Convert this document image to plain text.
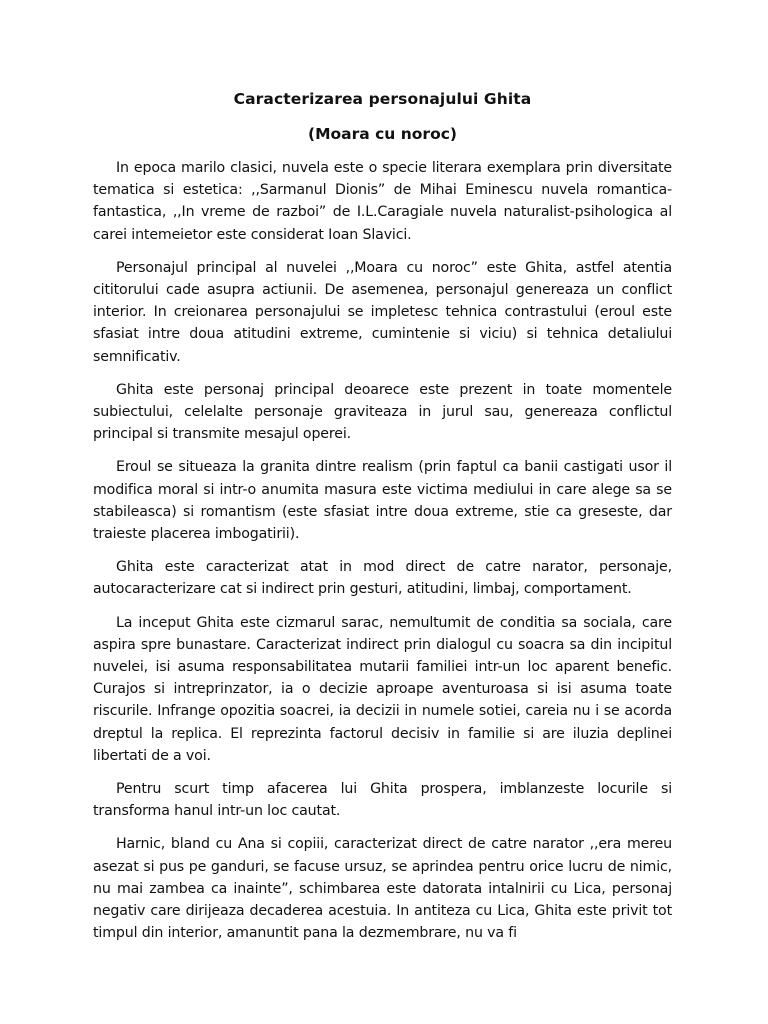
Caracterizarea personajului Ghita
(Moara cu noroc)

In epoca marilo clasici, nuvela este o specie literara exemplara prin diversitate tematica si estetica: ,,Sarmanul Dionis” de Mihai Eminescu nuvela romantica-fantastica, ,,In vreme de razboi” de I.L.Caragiale nuvela naturalist-psihologica al carei intemeietor este considerat Ioan Slavici.

Personajul principal al nuvelei ,,Moara cu noroc” este Ghita, astfel atentia cititorului cade asupra actiunii. De asemenea, personajul genereaza un conflict interior. In creionarea personajului se impletesc tehnica contrastului (eroul este sfasiat intre doua atitudini extreme, cumintenie si viciu) si tehnica detaliului semnificativ.

Ghita este personaj principal deoarece este prezent in toate momentele subiectului, celelalte personaje graviteaza in jurul sau, genereaza conflictul principal si transmite mesajul operei.

Eroul se situeaza la granita dintre realism (prin faptul ca banii castigati usor il modifica moral si intr-o anumita masura este victima mediului in care alege sa se stabileasca) si romantism (este sfasiat intre doua extreme, stie ca greseste, dar traieste placerea imbogatirii).

Ghita este caracterizat atat in mod direct de catre narator, personaje, autocaracterizare cat si indirect prin gesturi, atitudini, limbaj, comportament.

La inceput Ghita este cizmarul sarac, nemultumit de conditia sa sociala, care aspira spre bunastare. Caracterizat indirect prin dialogul cu soacra sa din incipitul nuvelei, isi asuma responsabilitatea mutarii familiei intr-un loc aparent benefic. Curajos si intreprinzator, ia o decizie aproape aventuroasa si isi asuma toate riscurile. Infrange opozitia soacrei, ia decizii in numele sotiei, careia nu i se acorda dreptul la replica. El reprezinta factorul decisiv in familie si are iluzia deplinei libertati de a voi.

Pentru scurt timp afacerea lui Ghita prospera, imblanzeste locurile si transforma hanul intr-un loc cautat.

Harnic, bland cu Ana si copiii, caracterizat direct de catre narator ,,era mereu asezat si pus pe ganduri, se facuse ursuz, se aprindea pentru orice lucru de nimic, nu mai zambea ca inainte”, schimbarea este datorata intalnirii cu Lica, personaj negativ care dirijeaza decaderea acestuia. In antiteza cu Lica, Ghita este privit tot timpul din interior, amanuntit pana la dezmembrare, nu va fi
